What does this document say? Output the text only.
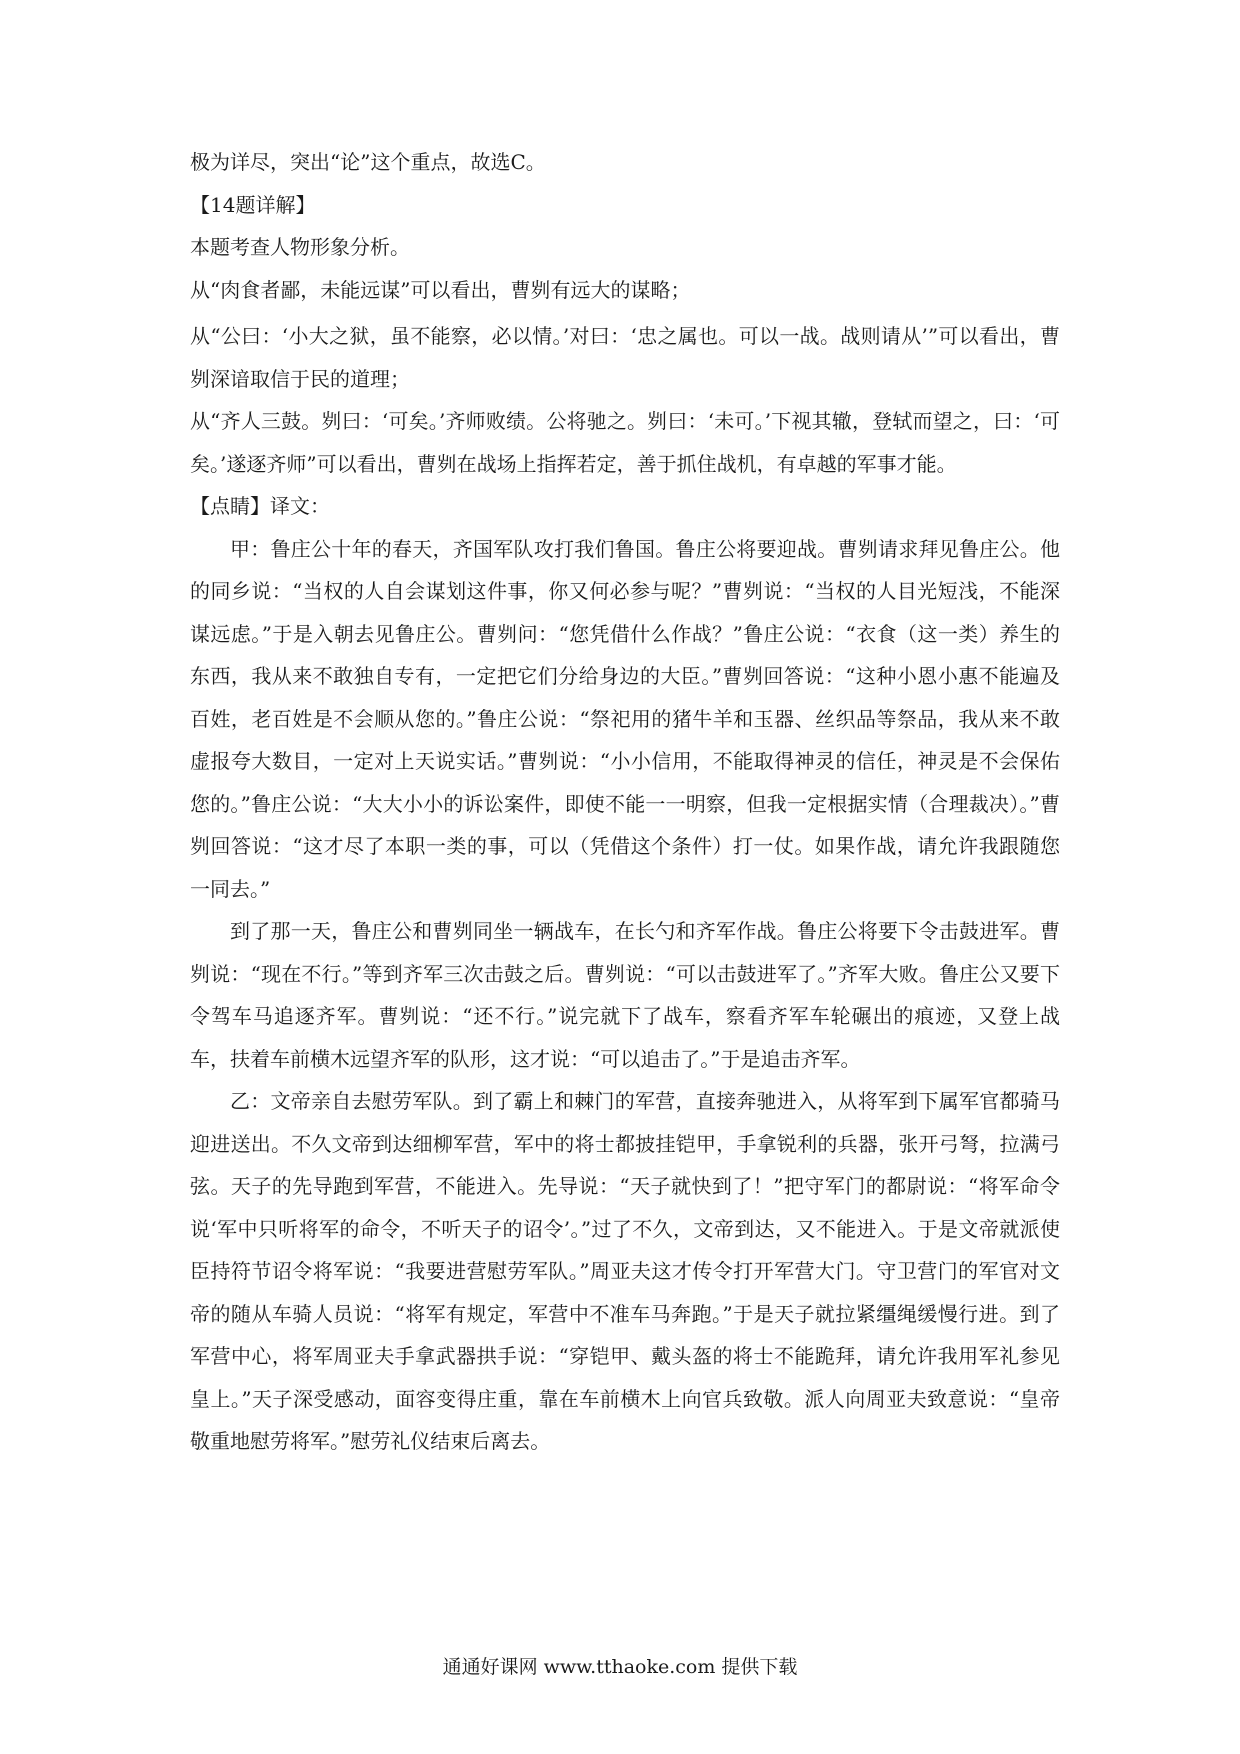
极为详尽，突出“论”这个重点，故选C。

【14题详解】

本题考查人物形象分析。

从“肉食者鄙，未能远谋”可以看出，曹刿有远大的谋略；

从“公曰：‘小大之狱，虽不能察，必以情。’对曰：‘忠之属也。可以一战。战则请从’”可以看出，曹刿深谙取信于民的道理；

从“齐人三鼓。刿曰：‘可矣。’齐师败绩。公将驰之。刿曰：‘未可。’下视其辙，登轼而望之，曰：‘可矣。’遂逐齐师”可以看出，曹刿在战场上指挥若定，善于抓住战机，有卓越的军事才能。

【点睛】译文：

甲：鲁庄公十年的春天，齐国军队攻打我们鲁国。鲁庄公将要迎战。曹刿请求拜见鲁庄公。他的同乡说：“当权的人自会谋划这件事，你又何必参与呢？”曹刿说：“当权的人目光短浅，不能深谋远虑。”于是入朝去见鲁庄公。曹刿问：“您凭借什么作战？”鲁庄公说：“衣食（这一类）养生的东西，我从来不敢独自专有，一定把它们分给身边的大臣。”曹刿回答说：“这种小恩小惠不能遍及百姓，老百姓是不会顺从您的。”鲁庄公说：“祭祀用的猪牛羊和玉器、丝织品等祭品，我从来不敢虚报夸大数目，一定对上天说实话。”曹刿说：“小小信用，不能取得神灵的信任，神灵是不会保佑您的。”鲁庄公说：“大大小小的诉讼案件，即使不能一一明察，但我一定根据实情（合理裁决）。”曹刿回答说：“这才尽了本职一类的事，可以（凭借这个条件）打一仗。如果作战，请允许我跟随您一同去。”

到了那一天，鲁庄公和曹刿同坐一辆战车，在长勺和齐军作战。鲁庄公将要下令击鼓进军。曹刿说：“现在不行。”等到齐军三次击鼓之后。曹刿说：“可以击鼓进军了。”齐军大败。鲁庄公又要下令驾车马追逐齐军。曹刿说：“还不行。”说完就下了战车，察看齐军车轮碾出的痕迹，又登上战车，扶着车前横木远望齐军的队形，这才说：“可以追击了。”于是追击齐军。

乙：文帝亲自去慰劳军队。到了霸上和棘门的军营，直接奔驰进入，从将军到下属军官都骑马迎进送出。不久文帝到达细柳军营，军中的将士都披挂铠甲，手拿锐利的兵器，张开弓弩，拉满弓弦。天子的先导跑到军营，不能进入。先导说：“天子就快到了！”把守军门的都尉说：“将军命令说‘军中只听将军的命令，不听天子的诏令’。”过了不久，文帝到达，又不能进入。于是文帝就派使臣持符节诏令将军说：“我要进营慰劳军队。”周亚夫这才传令打开军营大门。守卫营门的军官对文帝的随从车骑人员说：“将军有规定，军营中不准车马奔跑。”于是天子就拉紧缰绳缓慢行进。到了军营中心，将军周亚夫手拿武器拱手说：“穿铠甲、戴头盔的将士不能跪拜，请允许我用军礼参见皇上。”天子深受感动，面容变得庄重，靠在车前横木上向官兵致敬。派人向周亚夫致意说：“皇帝敬重地慰劳将军。”慰劳礼仪结束后离去。

通通好课网 www.tthaoke.com 提供下载
